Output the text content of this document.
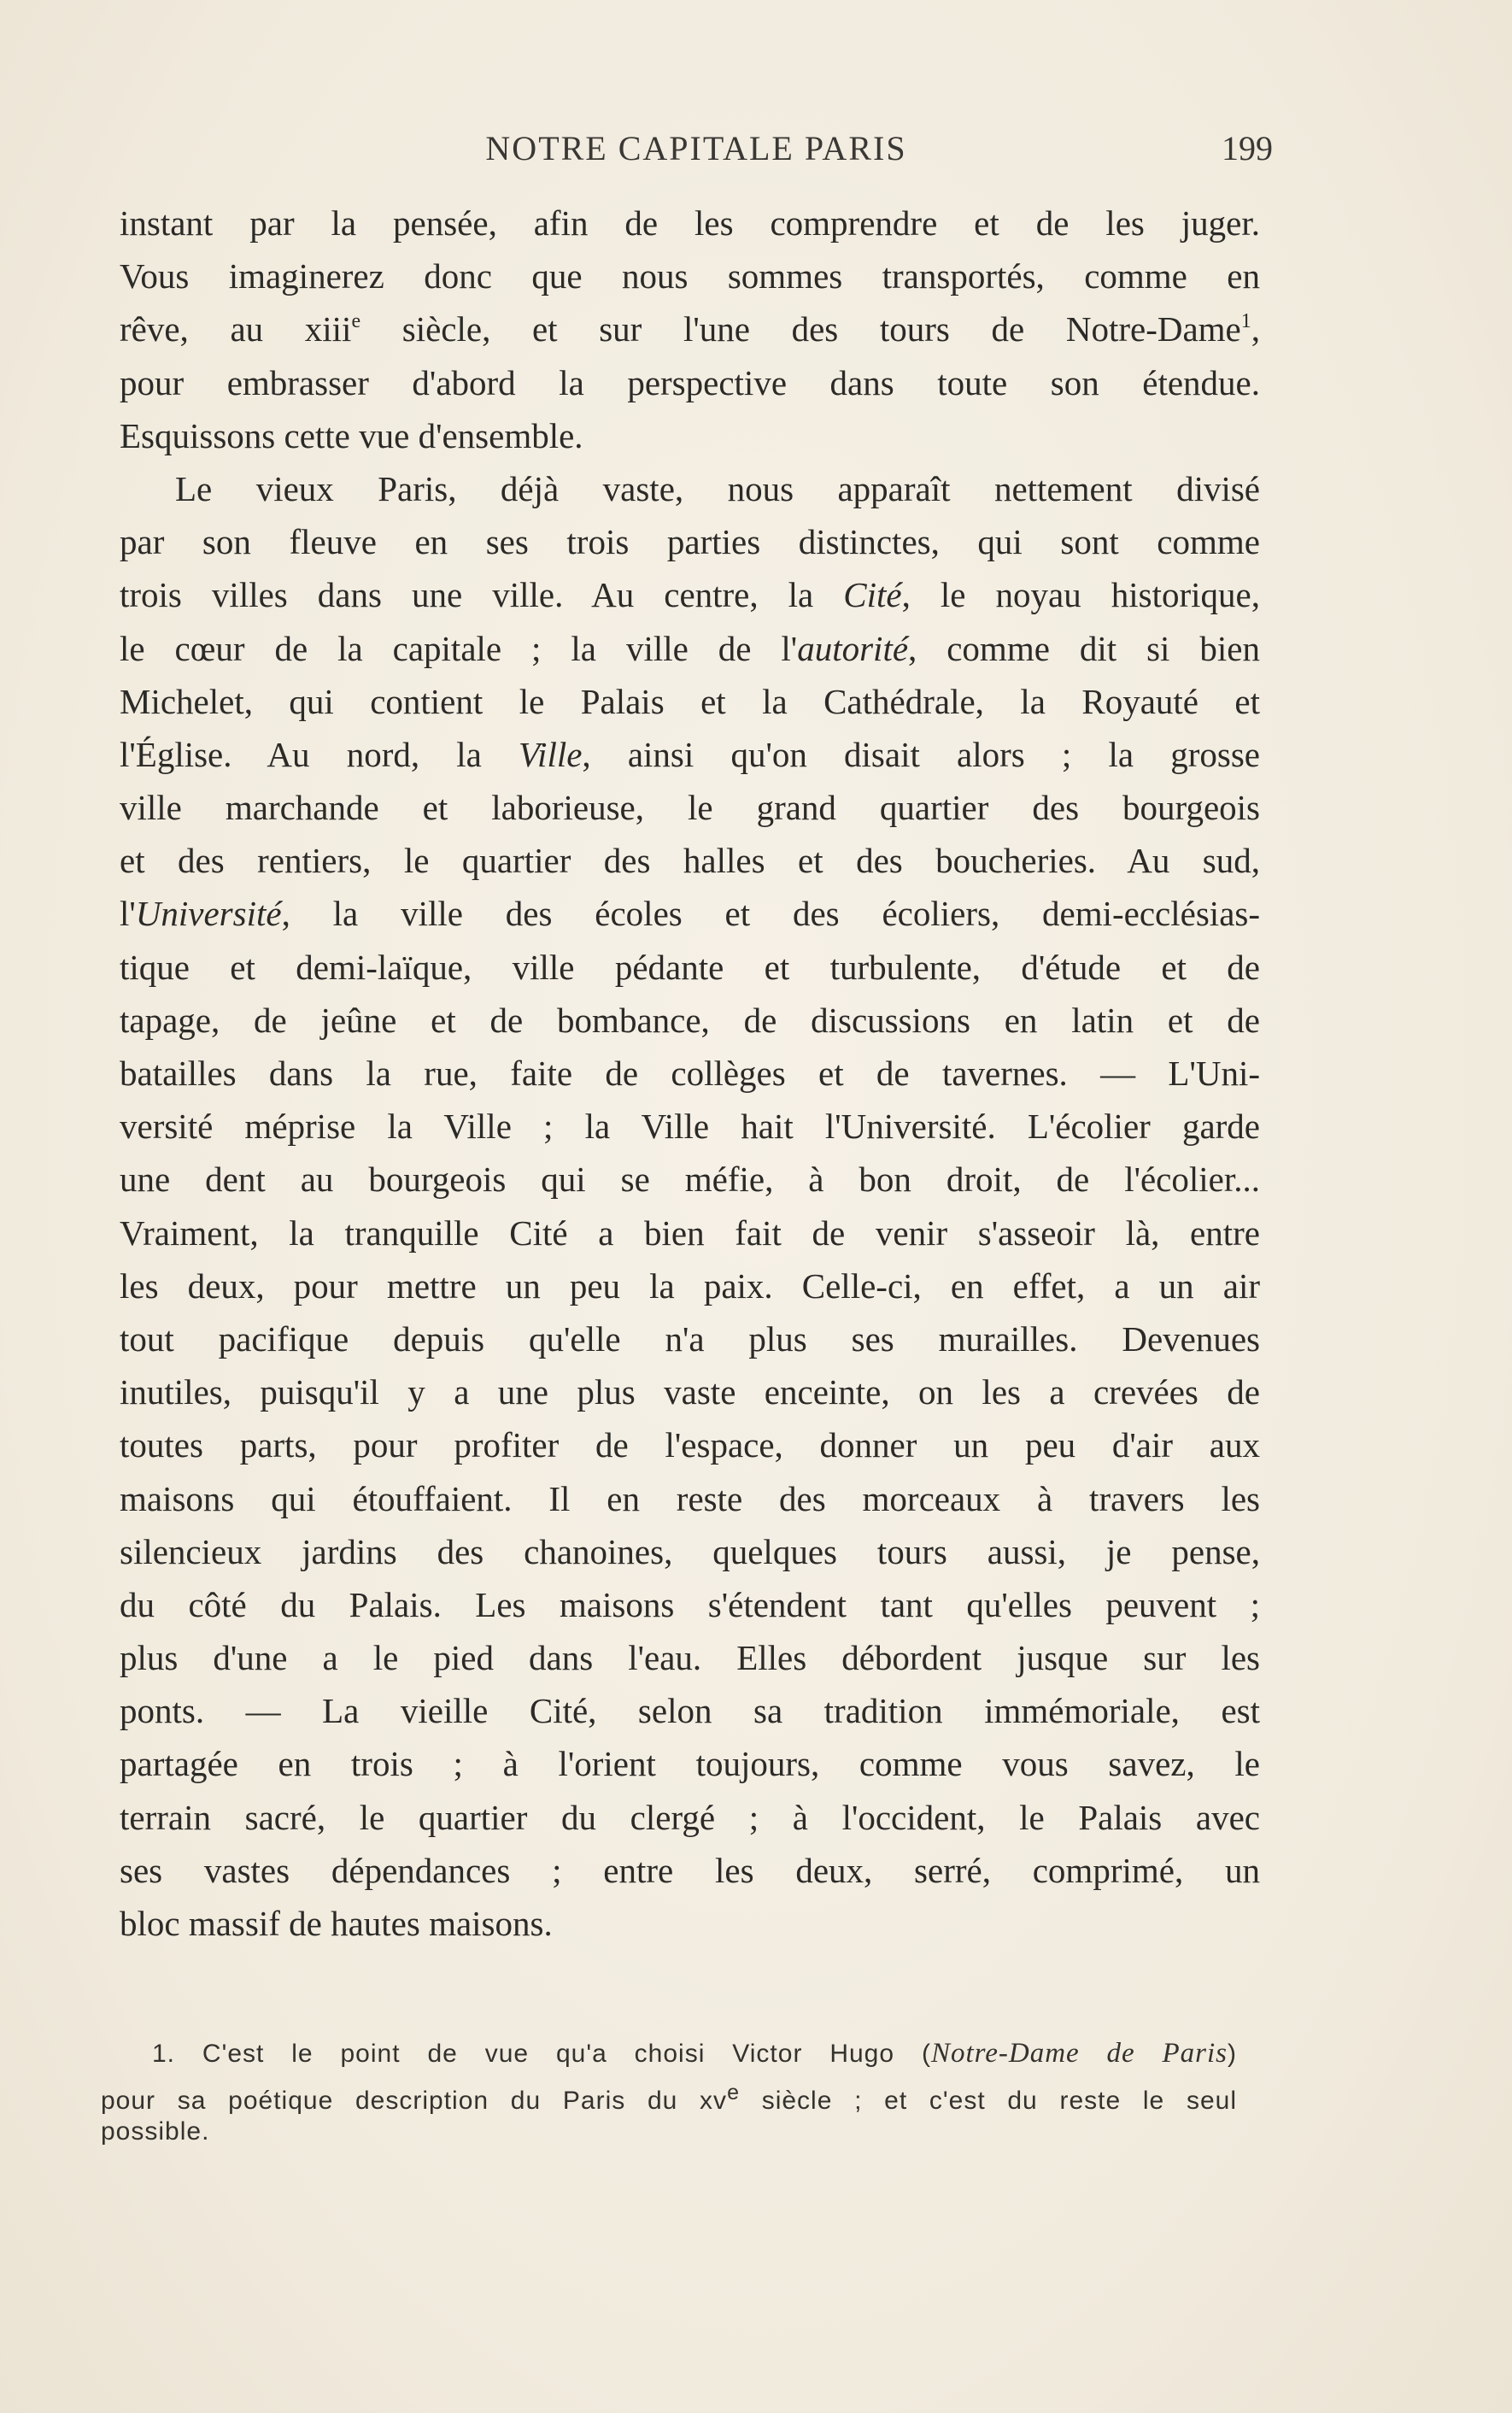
NOTRE CAPITALE PARIS	199
instant par la pensée, afin de les comprendre et de les juger.
Vous imaginerez donc que nous sommes transportés, comme en
rêve, au xiii$^e$ siècle, et sur l'une des tours de Notre-Dame$^1$,
pour embrasser d'abord la perspective dans toute son étendue.
Esquissons cette vue d'ensemble.
Le vieux Paris, déjà vaste, nous apparaît nettement divisé
par son fleuve en ses trois parties distinctes, qui sont comme
trois villes dans une ville. Au centre, la Cité, le noyau historique,
le cœur de la capitale ; la ville de l'autorité, comme dit si bien
Michelet, qui contient le Palais et la Cathédrale, la Royauté et
l'Église. Au nord, la Ville, ainsi qu'on disait alors ; la grosse
ville marchande et laborieuse, le grand quartier des bourgeois
et des rentiers, le quartier des halles et des boucheries. Au sud,
l'Université, la ville des écoles et des écoliers, demi-ecclésias-
tique et demi-laïque, ville pédante et turbulente, d'étude et de
tapage, de jeûne et de bombance, de discussions en latin et de
batailles dans la rue, faite de collèges et de tavernes. — L'Uni-
versité méprise la Ville ; la Ville hait l'Université. L'écolier garde
une dent au bourgeois qui se méfie, à bon droit, de l'écolier...
Vraiment, la tranquille Cité a bien fait de venir s'asseoir là, entre
les deux, pour mettre un peu la paix. Celle-ci, en effet, a un air
tout pacifique depuis qu'elle n'a plus ses murailles. Devenues
inutiles, puisqu'il y a une plus vaste enceinte, on les a crevées de
toutes parts, pour profiter de l'espace, donner un peu d'air aux
maisons qui étouffaient. Il en reste des morceaux à travers les
silencieux jardins des chanoines, quelques tours aussi, je pense,
du côté du Palais. Les maisons s'étendent tant qu'elles peuvent ;
plus d'une a le pied dans l'eau. Elles débordent jusque sur les
ponts. — La vieille Cité, selon sa tradition immémoriale, est
partagée en trois ; à l'orient toujours, comme vous savez, le
terrain sacré, le quartier du clergé ; à l'occident, le Palais avec
ses vastes dépendances ; entre les deux, serré, comprimé, un
bloc massif de hautes maisons.
1. C'est le point de vue qu'a choisi Victor Hugo (Notre-Dame de Paris)
pour sa poétique description du Paris du $xv^e$ siècle ; et c'est du reste le seul
possible.
